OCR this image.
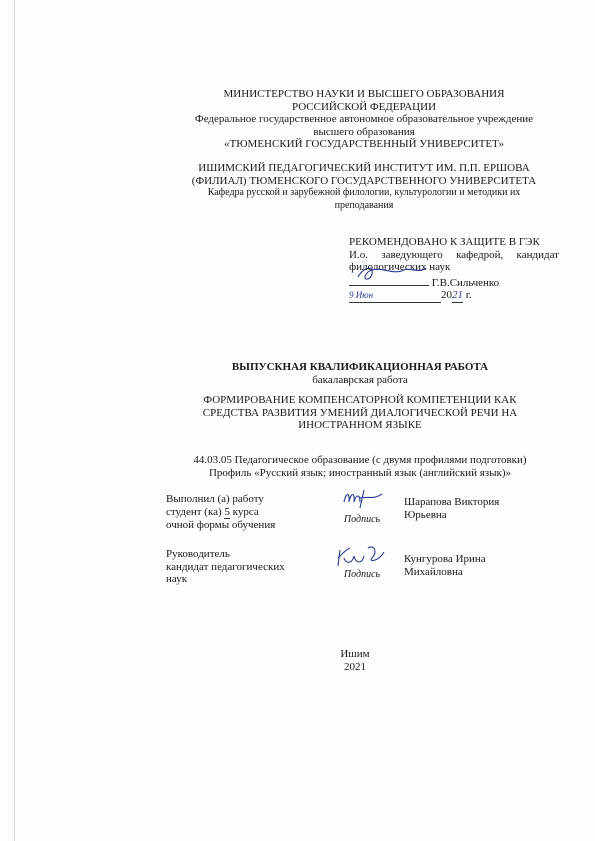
МИНИСТЕРСТВО НАУКИ И ВЫСШЕГО ОБРАЗОВАНИЯ
РОССИЙСКОЙ ФЕДЕРАЦИИ
Федеральное государственное автономное образовательное учреждение
высшего образования
«ТЮМЕНСКИЙ ГОСУДАРСТВЕННЫЙ УНИВЕРСИТЕТ»
ИШИМСКИЙ ПЕДАГОГИЧЕСКИЙ ИНСТИТУТ ИМ. П.П. ЕРШОВА
(ФИЛИАЛ) ТЮМЕНСКОГО ГОСУДАРСТВЕННОГО УНИВЕРСИТЕТА
Кафедра русской и зарубежной филологии, культурологии и методики их
преподавания
РЕКОМЕНДОВАНО К ЗАЩИТЕ В ГЭК
И.о. заведующего кафедрой, кандидат
филологических наук
Г.В.Сильченко
9 Июн	2021 г.
ВЫПУСКНАЯ КВАЛИФИКАЦИОННАЯ РАБОТА
бакалаврская работа
ФОРМИРОВАНИЕ КОМПЕНСАТОРНОЙ КОМПЕТЕНЦИИ КАК
СРЕДСТВА РАЗВИТИЯ УМЕНИЙ ДИАЛОГИЧЕСКОЙ РЕЧИ НА
ИНОСТРАННОМ ЯЗЫКЕ
44.03.05 Педагогическое образование (с двумя профилями подготовки)
Профиль «Русский язык; иностранный язык (английский язык)»
Выполнил (а) работу
студент (ка) 5 курса
очной формы обучения	Подпись
Шарапова Виктория
Юрьевна
Руководитель
кандидат педагогических
наук	Подпись
Кунгурова Ирина
Михайловна
Ишим
2021
